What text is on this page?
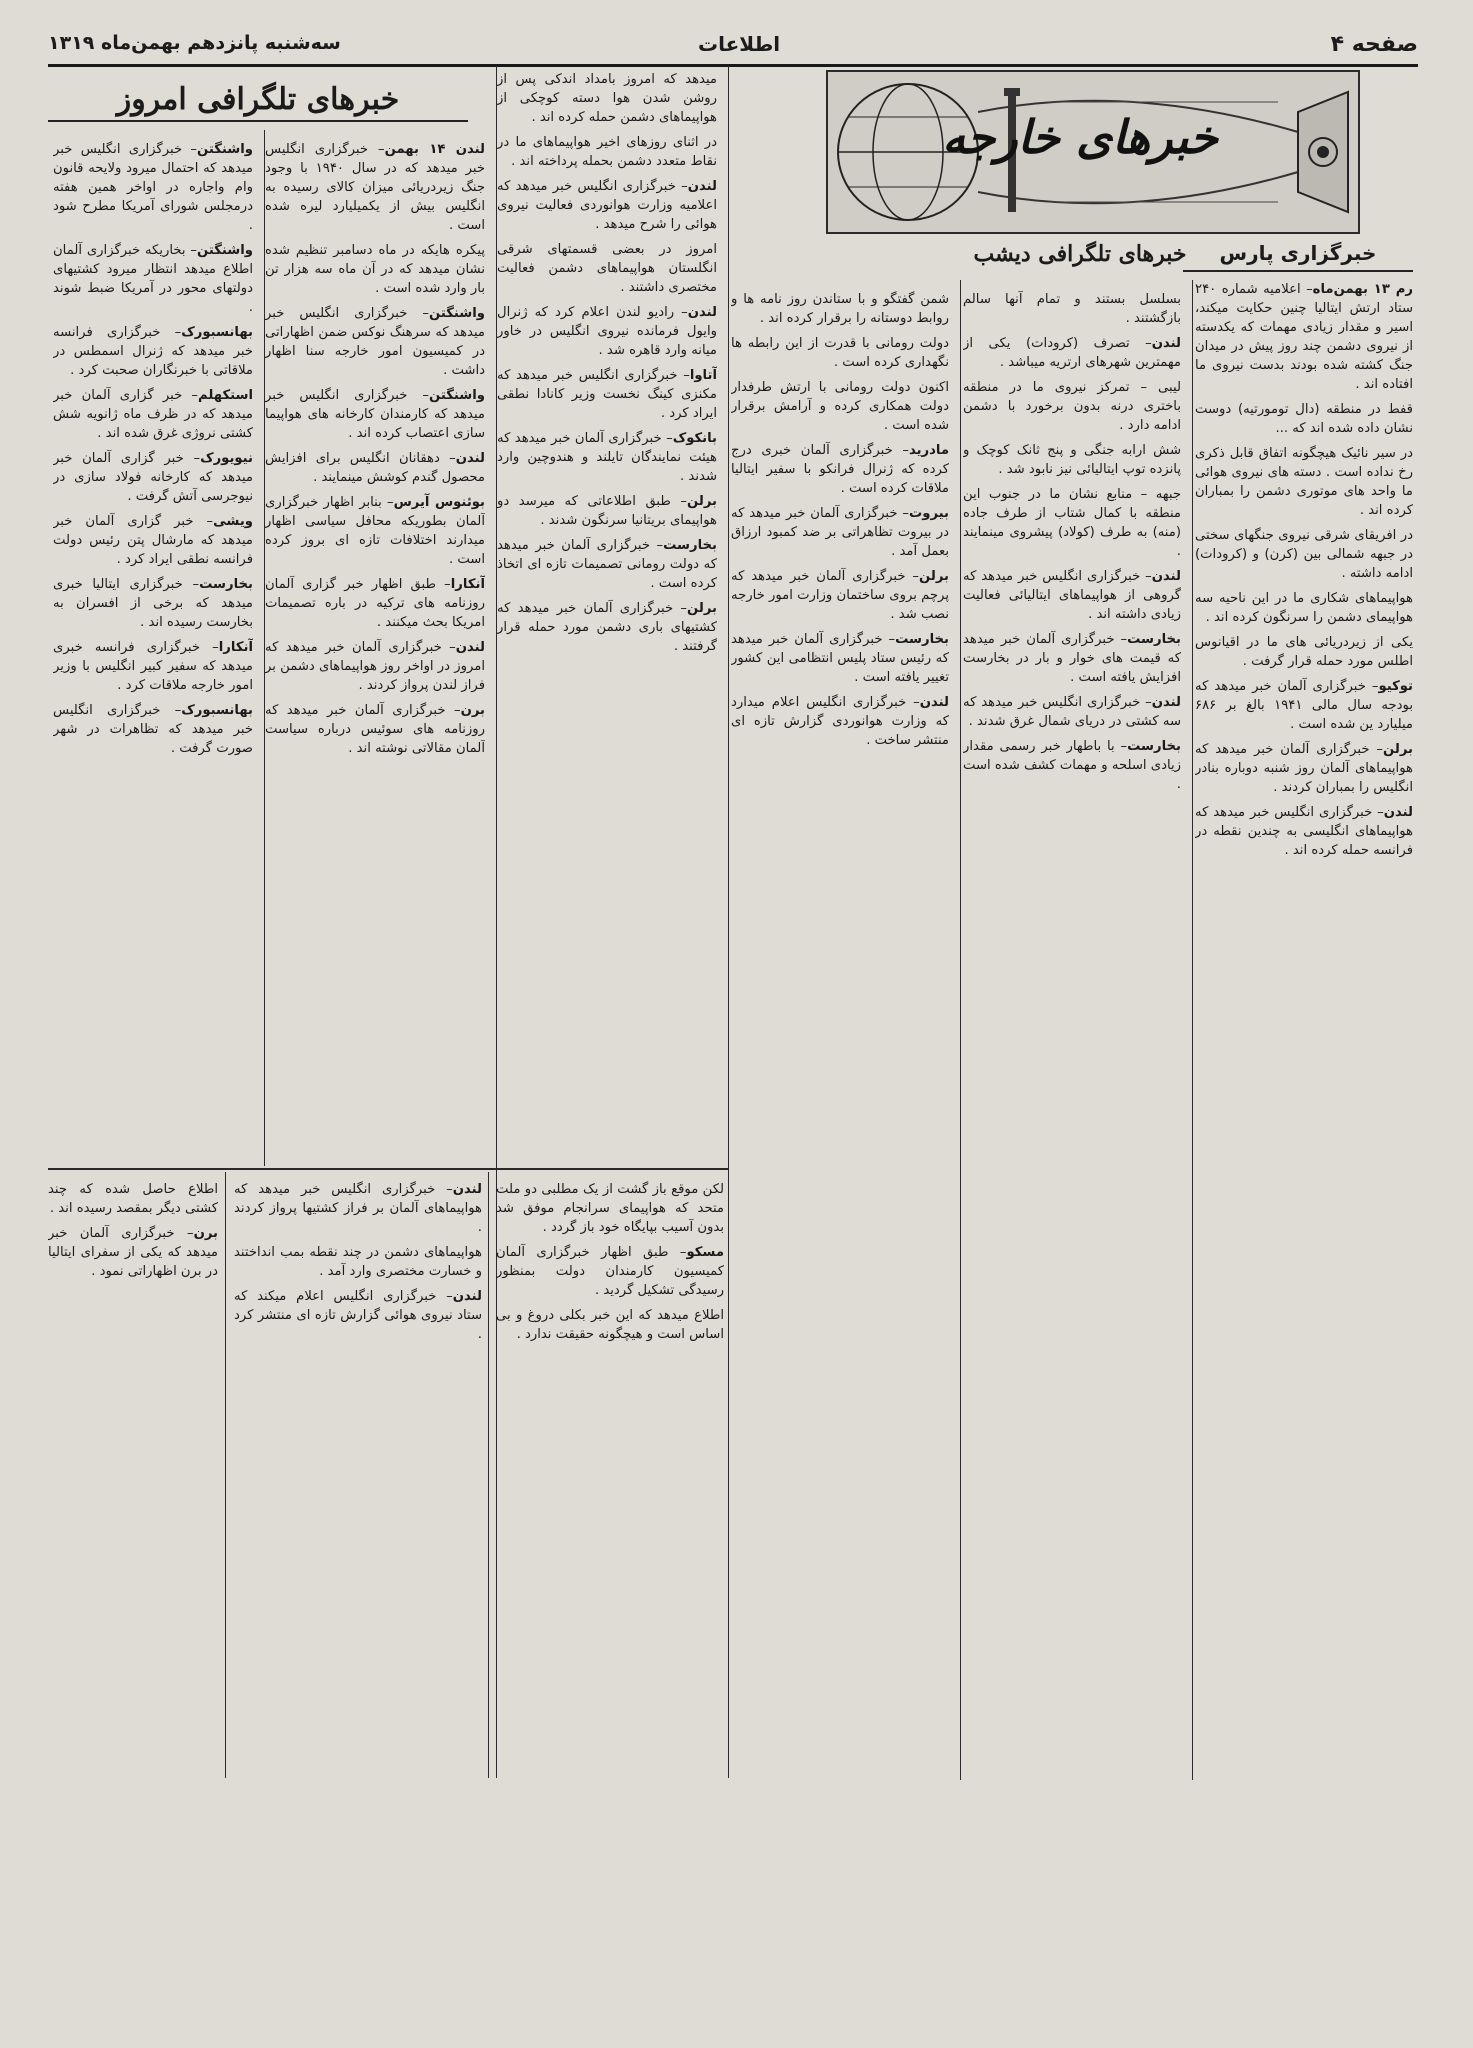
صفحه ۴
اطلاعات
سه‌شنبه پانزدهم بهمن‌ماه ۱۳۱۹
خبرهای خارجه
خبرگزاری پارس
خبرهای تلگرافی دیشب
خبرهای تلگرافی امروز

رم ۱۳ بهمن‌ماه– اعلامیه شماره ۲۴۰ ستاد ارتش ایتالیا چنین حکایت میکند، اسیر و مقدار زیادی مهمات که یکدسته از نیروی دشمن چند روز پیش در میدان جنگ کشته شده بودند بدست نیروی ما افتاده اند .

قفط در منطقه (دال تومورتیه) دوست نشان داده شده اند که ...

در سیر نائیک هیچگونه اتفاق قابل ذکری رخ نداده است . دسته های نیروی هوائی ما واحد های موتوری دشمن را بمباران کرده اند .

در افریقای شرقی نیروی جنگهای سختی در جبهه شمالی بین (کرن) و (کرودات) ادامه داشته .

هواپیماهای شکاری ما در این ناحیه سه هواپیمای دشمن را سرنگون کرده اند .

یکی از زیردریائی های ما در اقیانوس اطلس مورد حمله قرار گرفت .

توکیو– خبرگزاری آلمان خبر میدهد که بودجه سال مالی ۱۹۴۱ بالغ بر ۶۸۶ میلیارد ین شده است .

برلن– خبرگزاری آلمان خبر میدهد که هواپیماهای آلمان روز شنبه دوباره بنادر انگلیس را بمباران کردند .

لندن– خبرگزاری انگلیس خبر میدهد که هواپیماهای انگلیسی به چندین نقطه در فرانسه حمله کرده اند .

بسلسل بستند و تمام آنها سالم بازگشتند .

لندن– تصرف (کرودات) یکی از مهمترین شهرهای ارتریه میباشد .

لیبی – تمرکز نیروی ما در منطقه باختری درنه بدون برخورد با دشمن ادامه دارد .

شش ارابه جنگی و پنج ثانک کوچک و پانزده توپ ایتالیائی نیز نابود شد .

جبهه – منابع نشان ما در جنوب این منطقه با کمال شتاب از طرف جاده (منه) به طرف (کولاد) پیشروی مینمایند .

لندن– خبرگزاری انگلیس خبر میدهد که گروهی از هواپیماهای ایتالیائی فعالیت زیادی داشته اند .

بخارست– خبرگزاری آلمان خبر میدهد که قیمت های خوار و بار در بخارست افزایش یافته است .

لندن– خبرگزاری انگلیس خبر میدهد که سه کشتی در دریای شمال غرق شدند .

بخارست– با باطهار خبر رسمی مقدار زیادی اسلحه و مهمات کشف شده است .

شمن گفتگو و با ستاندن روز نامه ها و روابط دوستانه را برقرار کرده اند .

دولت رومانی با قدرت از این رابطه ها نگهداری کرده است .

اکنون دولت رومانی با ارتش طرفدار دولت همکاری کرده و آرامش برقرار شده است .

مادرید– خبرگزاری آلمان خبری درج کرده که ژنرال فرانکو با سفیر ایتالیا ملاقات کرده است .

بیروت– خبرگزاری آلمان خبر میدهد که در بیروت تظاهراتی بر ضد کمبود ارزاق بعمل آمد .

برلن– خبرگزاری آلمان خبر میدهد که پرچم بروی ساختمان وزارت امور خارجه نصب شد .

بخارست– خبرگزاری آلمان خبر میدهد که رئیس ستاد پلیس انتظامی این کشور تغییر یافته است .

لندن– خبرگزاری انگلیس اعلام میدارد که وزارت هوانوردی گزارش تازه ای منتشر ساخت .

میدهد که امروز بامداد اندکی پس از روشن شدن هوا دسته کوچکی از هواپیماهای دشمن حمله کرده اند .

در اثنای روزهای اخیر هواپیماهای ما در نقاط متعدد دشمن بحمله پرداخته اند .

لندن– خبرگزاری انگلیس خبر میدهد که اعلامیه وزارت هوانوردی فعالیت نیروی هوائی را شرح میدهد .

امروز در بعضی قسمتهای شرقی انگلستان هواپیماهای دشمن فعالیت مختصری داشتند .

لندن– رادیو لندن اعلام کرد که ژنرال وایول فرمانده نیروی انگلیس در خاور میانه وارد قاهره شد .

آتاوا– خبرگزاری انگلیس خبر میدهد که مکنزی کینگ نخست وزیر کانادا نطقی ایراد کرد .

بانکوک– خبرگزاری آلمان خبر میدهد که هیئت نمایندگان تایلند و هندوچین وارد شدند .

برلن– طبق اطلاعاتی که میرسد دو هواپیمای بریتانیا سرنگون شدند .

بخارست– خبرگزاری آلمان خبر میدهد که دولت رومانی تصمیمات تازه ای اتخاذ کرده است .

برلن– خبرگزاری آلمان خبر میدهد که کشتیهای باری دشمن مورد حمله قرار گرفتند .

لندن ۱۴ بهمن– خبرگزاری انگلیس خبر میدهد که در سال ۱۹۴۰ با وجود جنگ زیردریائی میزان کالای رسیده به انگلیس بیش از یکمیلیارد لیره شده است .

پیکره هایکه در ماه دسامبر تنظیم شده نشان میدهد که در آن ماه سه هزار تن بار وارد شده است .

واشنگتن– خبرگزاری انگلیس خبر میدهد که سرهنگ نوکس ضمن اظهاراتی در کمیسیون امور خارجه سنا اظهار داشت .

واشنگتن– خبرگزاری انگلیس خبر میدهد که کارمندان کارخانه های هواپیما سازی اعتصاب کرده اند .

لندن– دهقانان انگلیس برای افزایش محصول گندم کوشش مینمایند .

بوئنوس آیرس– بنابر اظهار خبرگزاری آلمان بطوریکه محافل سیاسی اظهار میدارند اختلافات تازه ای بروز کرده است .

آنکارا– طبق اظهار خبر گزاری آلمان روزنامه های ترکیه در باره تصمیمات امریکا بحث میکنند .

لندن– خبرگزاری آلمان خبر میدهد که امروز در اواخر روز هواپیماهای دشمن بر فراز لندن پرواز کردند .

برن– خبرگزاری آلمان خبر میدهد که روزنامه های سوئیس درباره سیاست آلمان مقالاتی نوشته اند .

واشنگتن– خبرگزاری انگلیس خبر میدهد که احتمال میرود ولایحه قانون وام واجاره در اواخر همین هفته درمجلس شورای آمریکا مطرح شود .

واشنگتن– بخاریکه خبرگزاری آلمان اطلاع میدهد انتظار میرود کشتیهای دولتهای محور در آمریکا ضبط شوند .

بهانسبورک– خبرگزاری فرانسه خبر میدهد که ژنرال اسمطس در ملاقاتی با خبرنگاران صحبت کرد .

استکهلم– خبر گزاری آلمان خبر میدهد که در ظرف ماه ژانویه شش کشتی نروژی غرق شده اند .

نیویورک– خبر گزاری آلمان خبر میدهد که کارخانه فولاد سازی در نیوجرسی آتش گرفت .

ویشی– خبر گزاری آلمان خبر میدهد که مارشال پتن رئیس دولت فرانسه نطقی ایراد کرد .

بخارست– خبرگزاری ایتالیا خبری میدهد که برخی از افسران به بخارست رسیده اند .

آنکارا– خبرگزاری فرانسه خبری میدهد که سفیر کبیر انگلیس با وزیر امور خارجه ملاقات کرد .

بهانسبورک– خبرگزاری انگلیس خبر میدهد که تظاهرات در شهر صورت گرفت .

لکن موقع باز گشت از یک مطلبی دو ملت متحد که هواپیمای سرانجام موفق شد بدون آسیب بپایگاه خود باز گردد .

مسکو– طبق اظهار خبرگزاری آلمان کمیسیون کارمندان دولت بمنظور رسیدگی تشکیل گردید .

اطلاع میدهد که این خبر بکلی دروغ و بی اساس است و هیچگونه حقیقت ندارد .

لندن– خبرگزاری انگلیس خبر میدهد که هواپیماهای آلمان بر فراز کشتیها پرواز کردند .

هواپیماهای دشمن در چند نقطه بمب انداختند و خسارت مختصری وارد آمد .

لندن– خبرگزاری انگلیس اعلام میکند که ستاد نیروی هوائی گزارش تازه ای منتشر کرد .

اطلاع حاصل شده که چند کشتی دیگر بمقصد رسیده اند .

برن– خبرگزاری آلمان خبر میدهد که یکی از سفرای ایتالیا در برن اظهاراتی نمود .
